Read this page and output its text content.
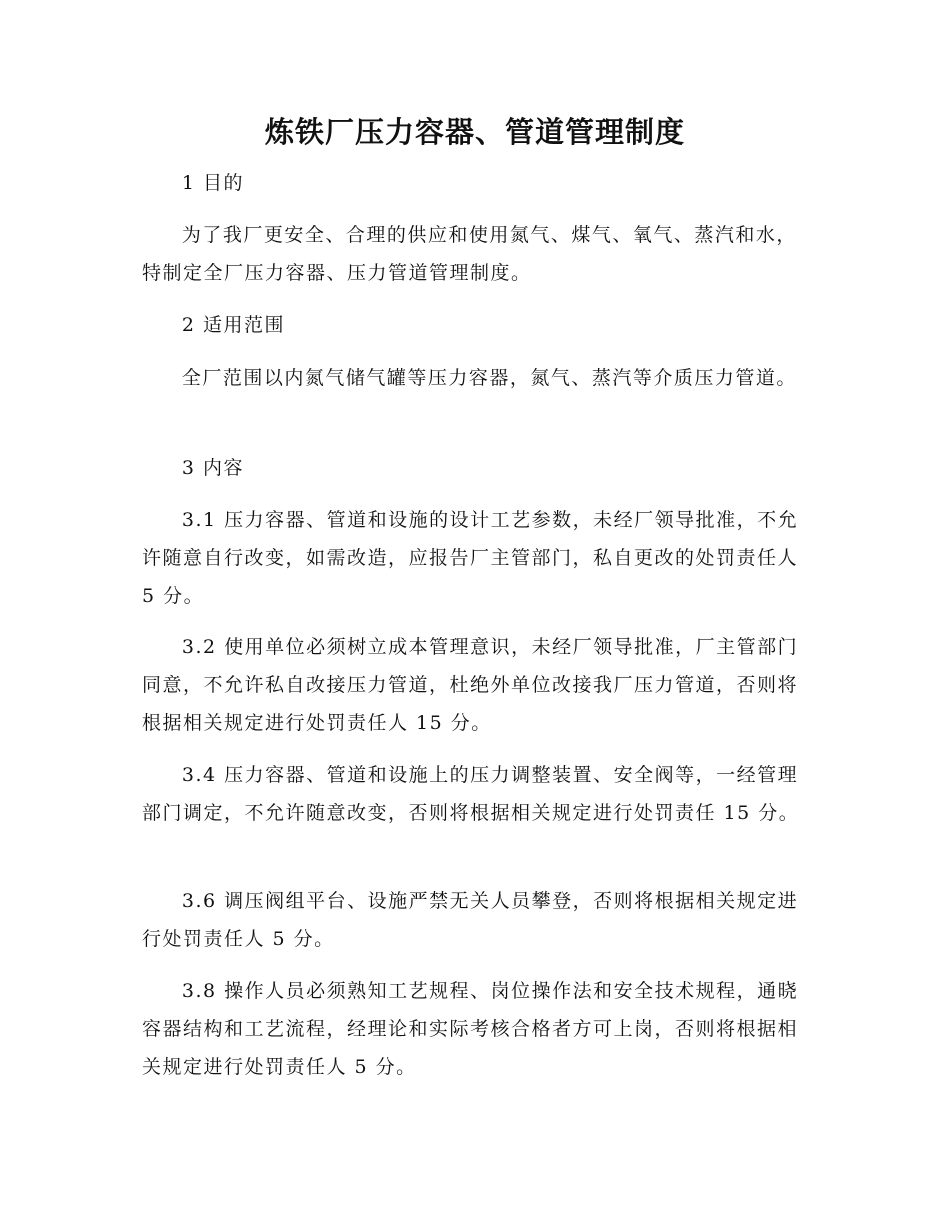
炼铁厂压力容器、管道管理制度
1 目的
为了我厂更安全、合理的供应和使用氮气、煤气、氧气、蒸汽和水，特制定全厂压力容器、压力管道管理制度。
2 适用范围
全厂范围以内氮气储气罐等压力容器，氮气、蒸汽等介质压力管道。
3 内容
3.1 压力容器、管道和设施的设计工艺参数，未经厂领导批准，不允许随意自行改变，如需改造，应报告厂主管部门，私自更改的处罚责任人 5 分。
3.2 使用单位必须树立成本管理意识，未经厂领导批准，厂主管部门同意，不允许私自改接压力管道，杜绝外单位改接我厂压力管道，否则将根据相关规定进行处罚责任人 15 分。
3.4 压力容器、管道和设施上的压力调整装置、安全阀等，一经管理部门调定，不允许随意改变，否则将根据相关规定进行处罚责任 15 分。
3.6 调压阀组平台、设施严禁无关人员攀登，否则将根据相关规定进行处罚责任人 5 分。
3.8 操作人员必须熟知工艺规程、岗位操作法和安全技术规程，通晓容器结构和工艺流程，经理论和实际考核合格者方可上岗，否则将根据相关规定进行处罚责任人 5 分。
